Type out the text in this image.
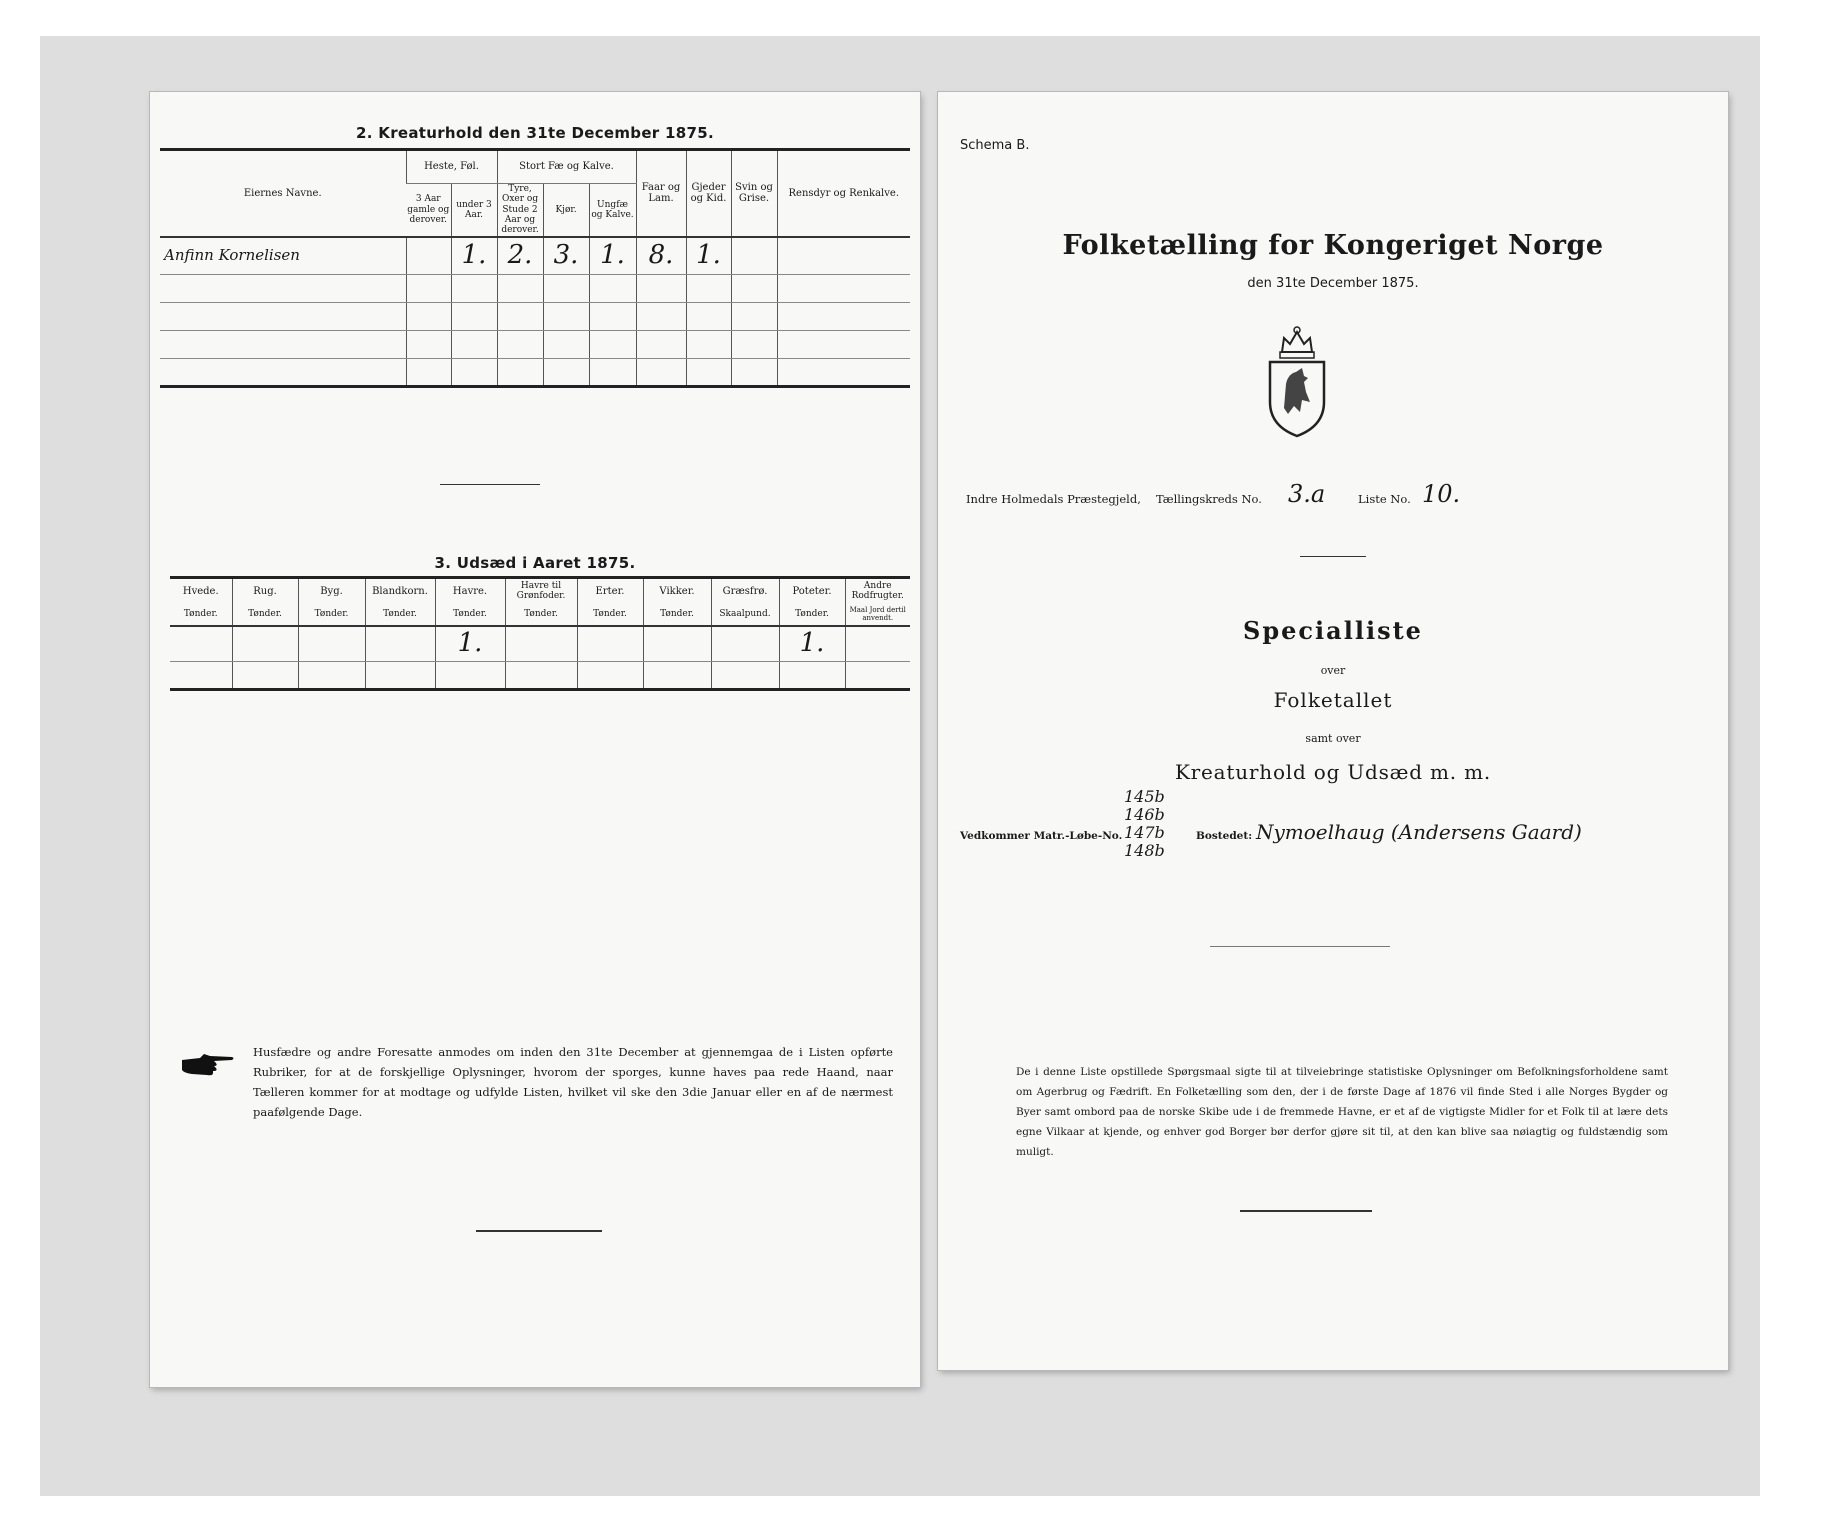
2. Kreaturhold den 31te December 1875.
Eiernes Navne.	Heste, Føl.		Stort Fæ og Kalve.			Faar og Lam.	Gjeder og Kid.	Svin og Grise.	Rensdyr og Renkalve.
	3 Aar gamle og derover.	under 3 Aar.	Tyre, Oxer og Stude 2 Aar og derover.	Kjør.	Ungfæ og Kalve.				
Anfinn Kornelisen		1.	2.	3.	1.	8.	1.		

3. Udsæd i Aaret 1875.
Hvede.	Rug.	Byg.	Blandkorn.	Havre.	Havre til Grønfoder.	Erter.	Vikker.	Græsfrø.	Poteter.	Andre Rodfrugter.
Tønder.	Tønder.	Tønder.	Tønder.	Tønder.	Tønder.	Tønder.	Tønder.	Skaalpund.	Tønder.	Maal Jord dertil anvendt.
				1.					1.	

Husfædre og andre Foresatte anmodes om inden den 31te December at gjennemgaa de i Listen opførte Rubriker, for at de forskjellige Oplysninger, hvorom der sporges, kunne haves paa rede Haand, naar Tælleren kommer for at modtage og udfylde Listen, hvilket vil ske den 3die Januar eller en af de nærmest paafølgende Dage.
Schema B.
Folketælling for Kongeriget Norge
den 31te December 1875.
Indre Holmedals Præstegjeld, Tællingskreds No. 3.a	Liste No. 10.
Specialliste
over
Folketallet
samt over
Kreaturhold og Udsæd m. m.
Vedkommer Matr.-Løbe-No.
145b
146b
147b
148b
Bostedet: Nymoelhaug (Andersens Gaard)
De i denne Liste opstillede Spørgsmaal sigte til at tilveiebringe statistiske Oplysninger om Befolkningsforholdene samt om Agerbrug og Fædrift. En Folketælling som den, der i de første Dage af 1876 vil finde Sted i alle Norges Bygder og Byer samt ombord paa de norske Skibe ude i de fremmede Havne, er et af de vigtigste Midler for et Folk til at lære dets egne Vilkaar at kjende, og enhver god Borger bør derfor gjøre sit til, at den kan blive saa nøiagtig og fuldstændig som muligt.
